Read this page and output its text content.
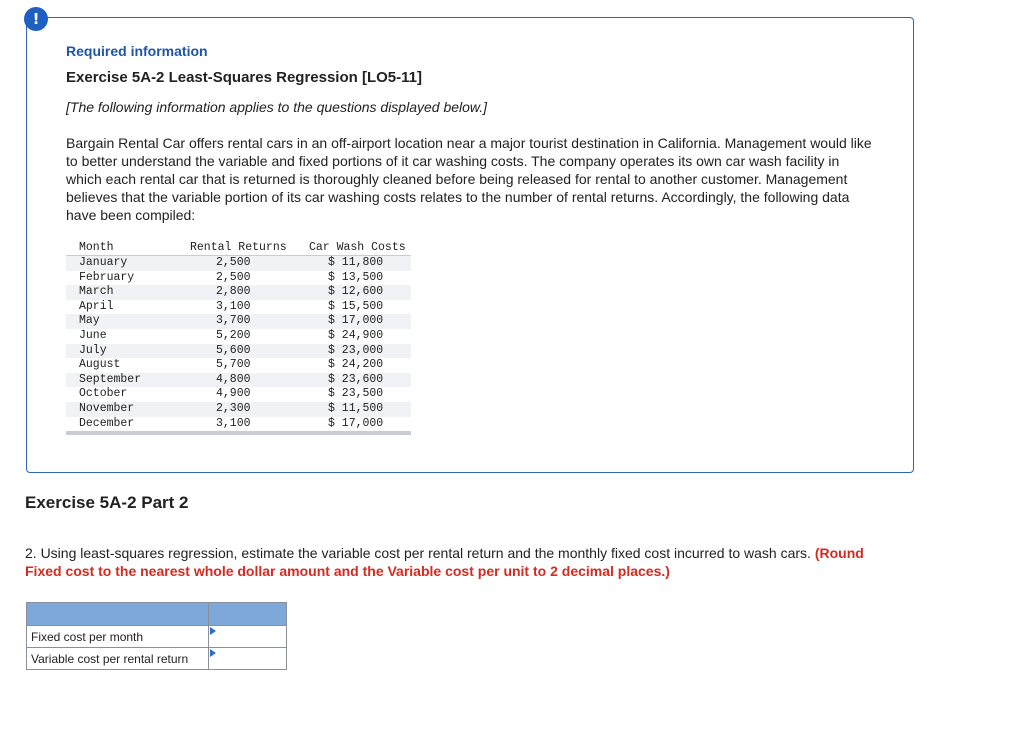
!
Required information
Exercise 5A-2 Least-Squares Regression [LO5-11]

[The following information applies to the questions displayed below.]

Bargain Rental Car offers rental cars in an off-airport location near a major tourist destination in California. Management would like to better understand the variable and fixed portions of it car washing costs. The company operates its own car wash facility in which each rental car that is returned is thoroughly cleaned before being released for rental to another customer. Management believes that the variable portion of its car washing costs relates to the number of rental returns. Accordingly, the following data have been compiled:

Month	Rental Returns	Car Wash Costs
January	2,500	$ 11,800
February	2,500	$ 13,500
March	2,800	$ 12,600
April	3,100	$ 15,500
May	3,700	$ 17,000
June	5,200	$ 24,900
July	5,600	$ 23,000
August	5,700	$ 24,200
September	4,800	$ 23,600
October	4,900	$ 23,500
November	2,300	$ 11,500
December	3,100	$ 17,000
Exercise 5A-2 Part 2

2. Using least-squares regression, estimate the variable cost per rental return and the monthly fixed cost incurred to wash cars. (Round Fixed cost to the nearest whole dollar amount and the Variable cost per unit to 2 decimal places.)

Fixed cost per month	

Variable cost per rental return	
